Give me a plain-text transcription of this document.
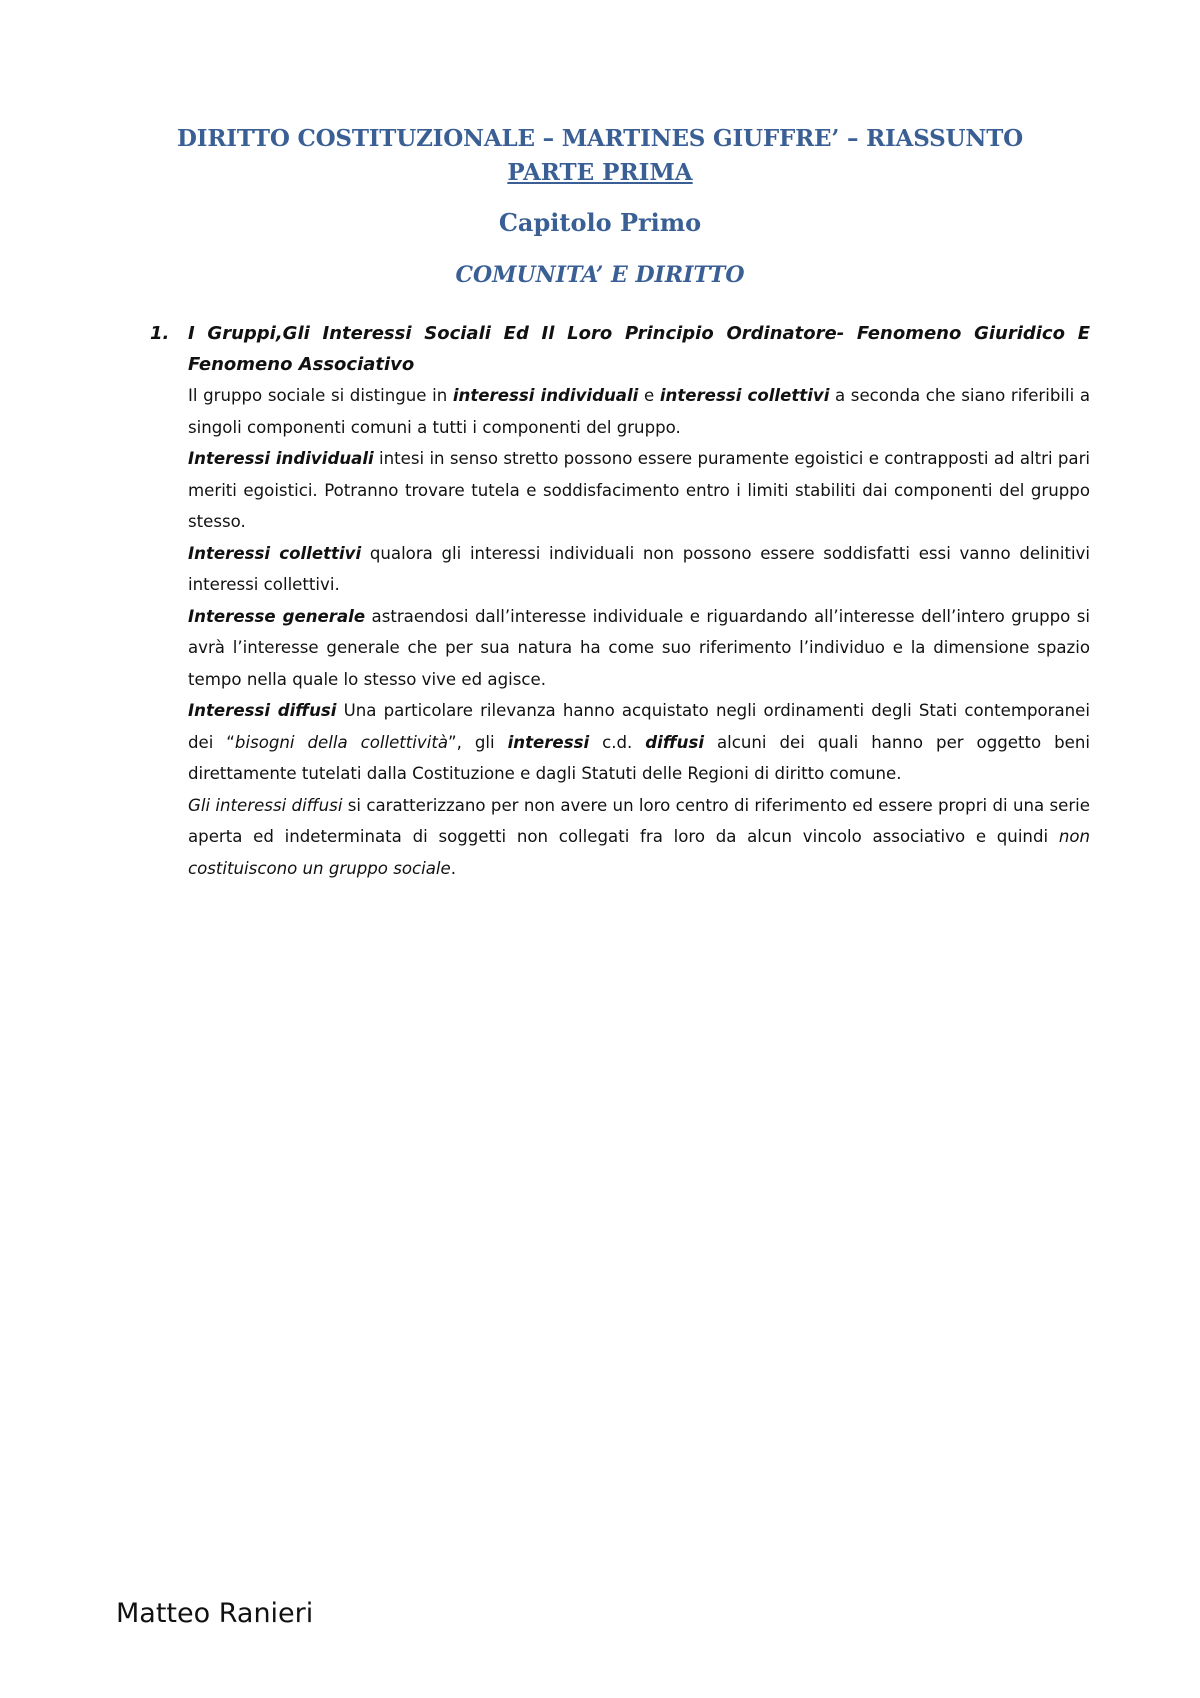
DIRITTO COSTITUZIONALE – MARTINES GIUFFRE’ – RIASSUNTO
PARTE PRIMA
Capitolo Primo
COMUNITA’ E DIRITTO
1. I Gruppi,Gli Interessi Sociali Ed Il Loro Principio Ordinatore- Fenomeno Giuridico E Fenomeno Associativo

Il gruppo sociale si distingue in interessi individuali e interessi collettivi a seconda che siano riferibili a singoli componenti comuni a tutti i componenti del gruppo.

Interessi individuali intesi in senso stretto possono essere puramente egoistici e contrapposti ad altri pari meriti egoistici. Potranno trovare tutela e soddisfacimento entro i limiti stabiliti dai componenti del gruppo stesso.

Interessi collettivi qualora gli interessi individuali non possono essere soddisfatti essi vanno delinitivi interessi collettivi.

Interesse generale astraendosi dall’interesse individuale e riguardando all’interesse dell’intero gruppo si avrà l’interesse generale che per sua natura ha come suo riferimento l’individuo e la dimensione spazio tempo nella quale lo stesso vive ed agisce.

Interessi diffusi Una particolare rilevanza hanno acquistato negli ordinamenti degli Stati contemporanei dei “bisogni della collettività”, gli interessi c.d. diffusi alcuni dei quali hanno per oggetto beni direttamente tutelati dalla Costituzione e dagli Statuti delle Regioni di diritto comune.

Gli interessi diffusi si caratterizzano per non avere un loro centro di riferimento ed essere propri di una serie aperta ed indeterminata di soggetti non collegati fra loro da alcun vincolo associativo e quindi non costituiscono un gruppo sociale.

Matteo Ranieri
